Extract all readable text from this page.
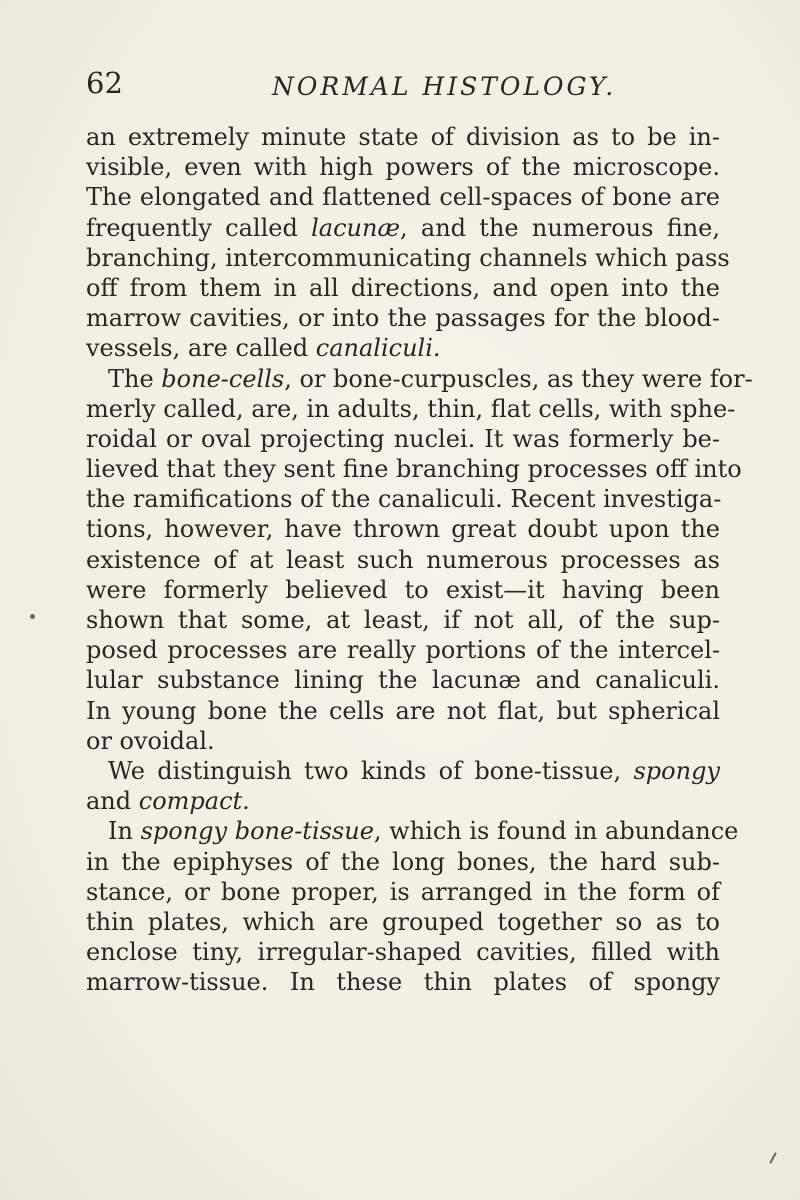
62	NORMAL HISTOLOGY.
an extremely minute state of division as to be in-
visible, even with high powers of the microscope.
The elongated and flattened cell-spaces of bone are
frequently called lacunæ, and the numerous fine,
branching, intercommunicating channels which pass
off from them in all directions, and open into the
marrow cavities, or into the passages for the blood-
vessels, are called canaliculi.
The bone-cells, or bone-curpuscles, as they were for-
merly called, are, in adults, thin, flat cells, with sphe-
roidal or oval projecting nuclei. It was formerly be-
lieved that they sent fine branching processes off into
the ramifications of the canaliculi. Recent investiga-
tions, however, have thrown great doubt upon the
existence of at least such numerous processes as
were formerly believed to exist—it having been
shown that some, at least, if not all, of the sup-
posed processes are really portions of the intercel-
lular substance lining the lacunæ and canaliculi.
In young bone the cells are not flat, but spherical
or ovoidal.
We distinguish two kinds of bone-tissue, spongy
and compact.
In spongy bone-tissue, which is found in abundance
in the epiphyses of the long bones, the hard sub-
stance, or bone proper, is arranged in the form of
thin plates, which are grouped together so as to
enclose tiny, irregular-shaped cavities, filled with
marrow-tissue. In these thin plates of spongy
